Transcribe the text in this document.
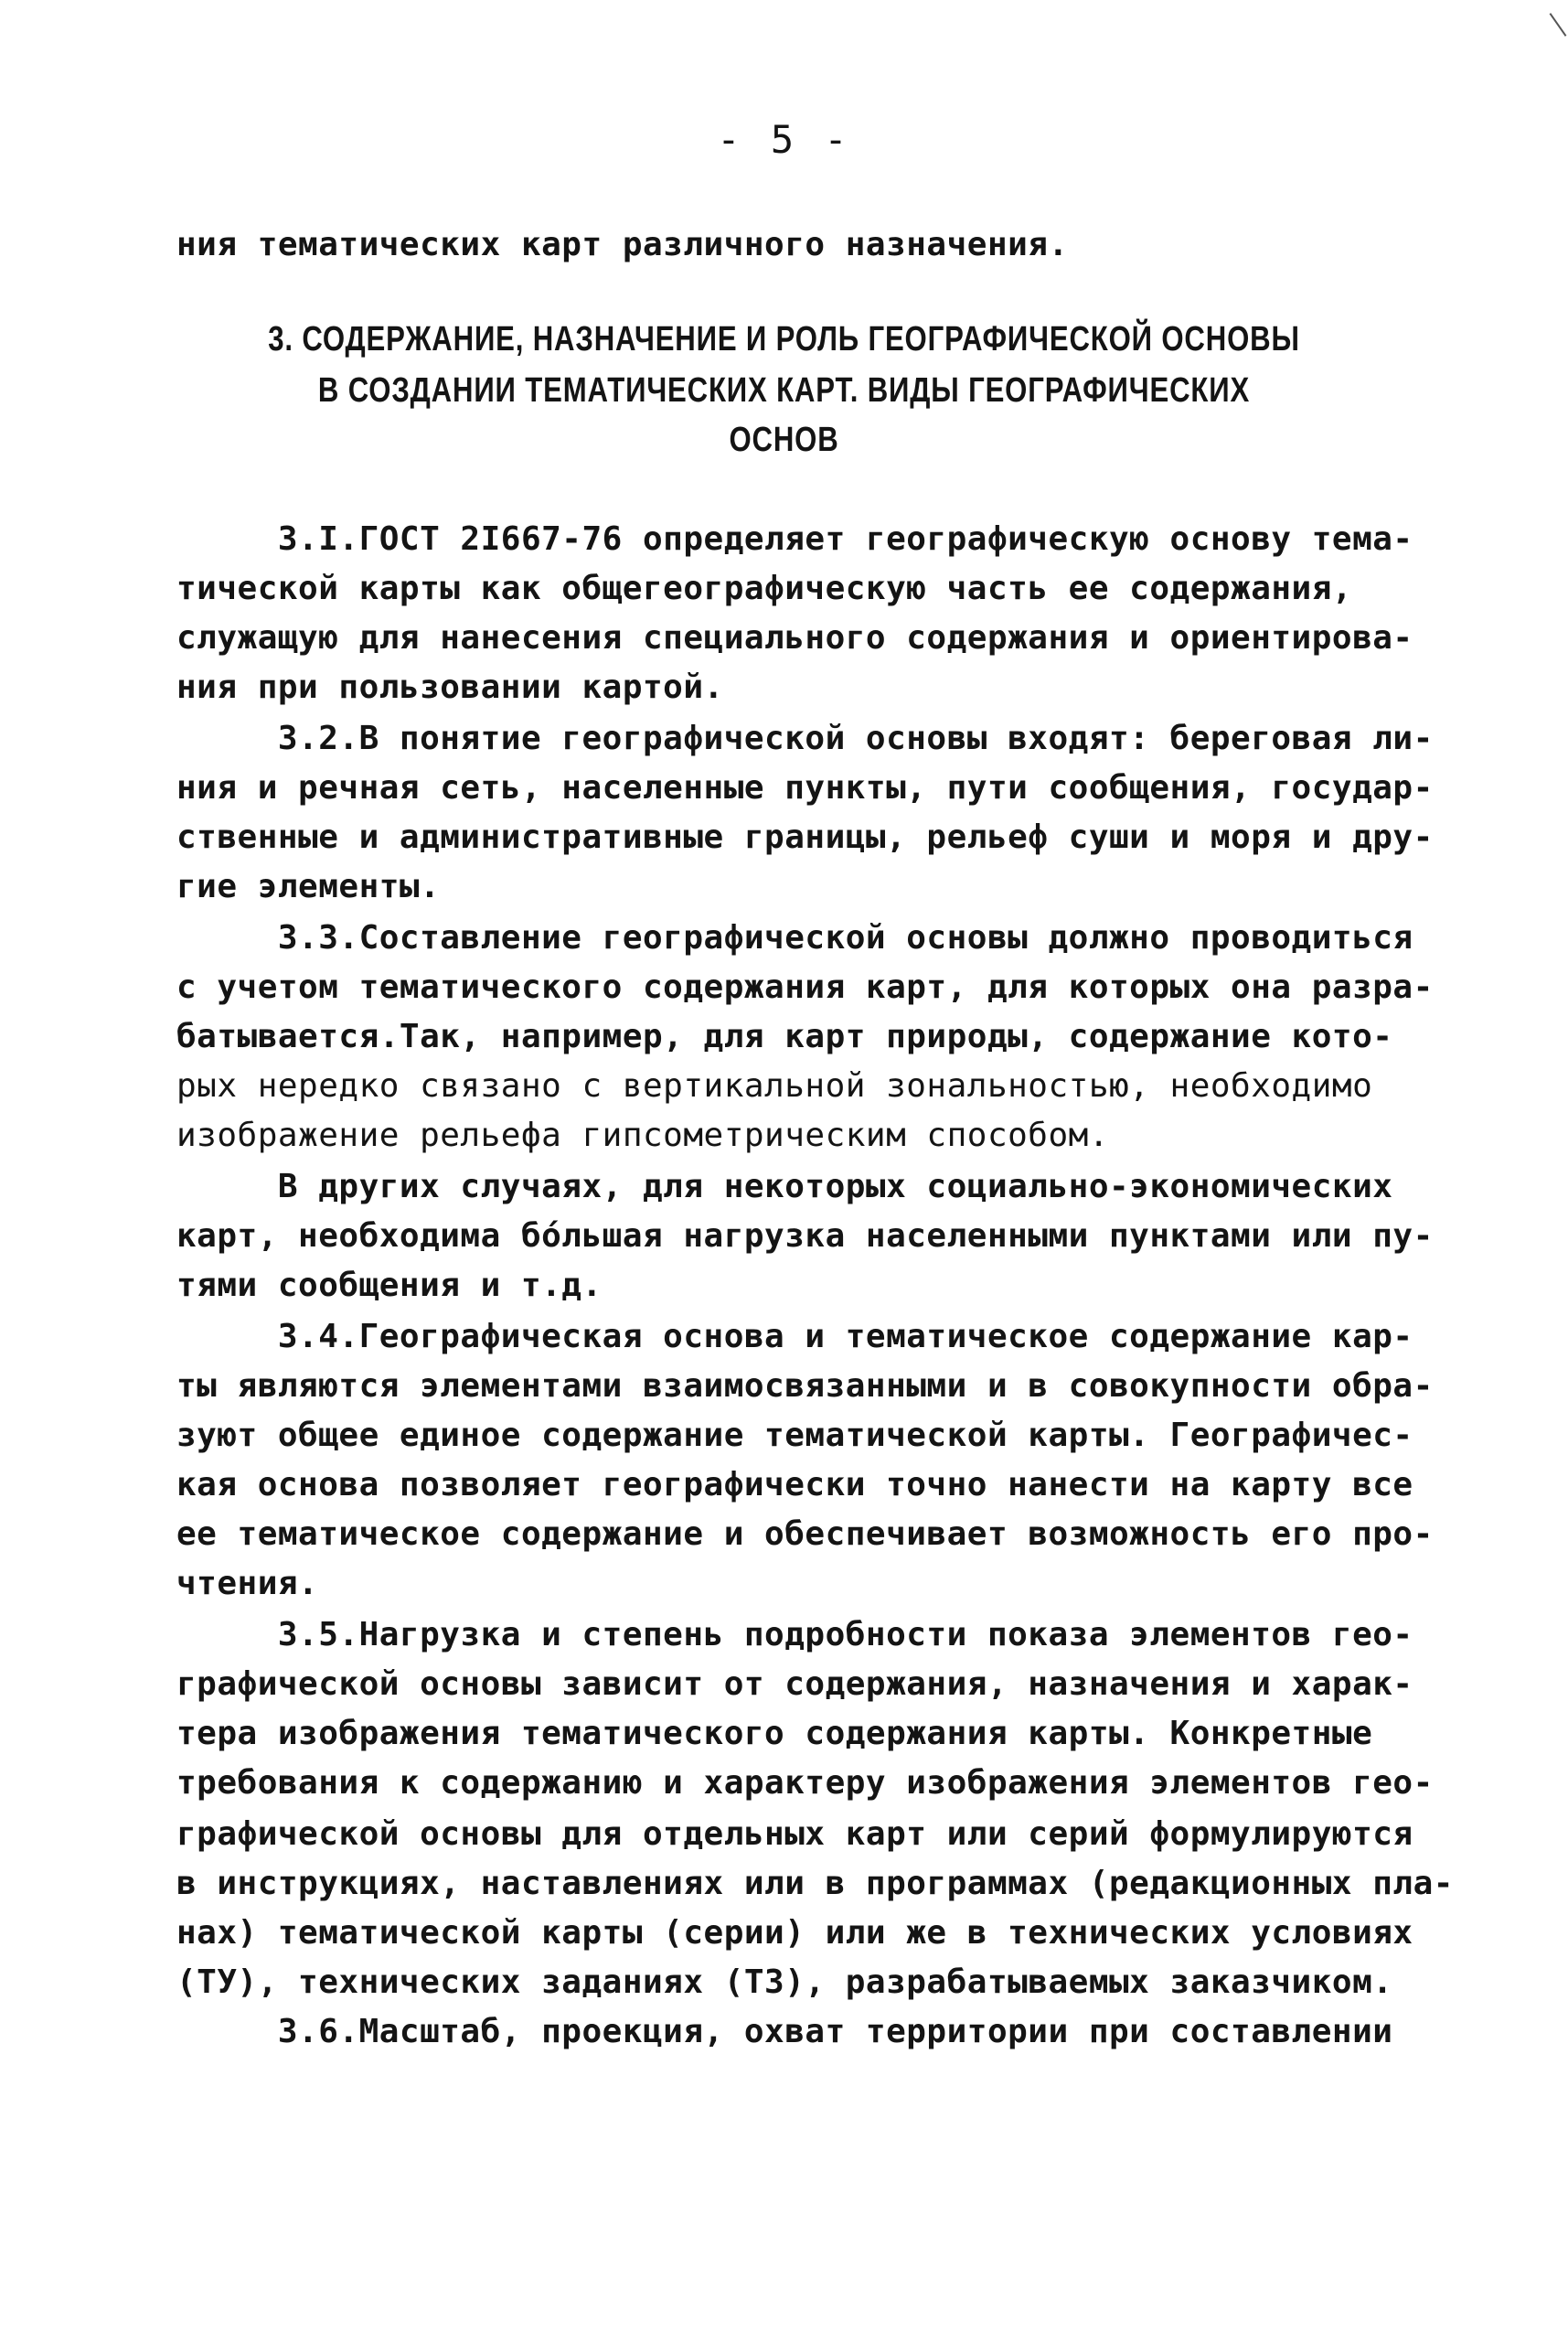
- 5 -
ния тематических карт различного назначения.
3. СОДЕРЖАНИЕ, НАЗНАЧЕНИЕ И РОЛЬ ГЕОГРАФИЧЕСКОЙ ОСНОВЫ
В СОЗДАНИИ ТЕМАТИЧЕСКИХ КАРТ. ВИДЫ ГЕОГРАФИЧЕСКИХ
ОСНОВ
3.I.ГОСТ 2I667-76 определяет географическую основу тема-
тической карты как общегеографическую часть ее содержания,
служащую для нанесения специального содержания и ориентирова-
ния при пользовании картой.
3.2.В понятие географической основы входят: береговая ли-
ния и речная сеть, населенные пункты, пути сообщения, государ-
ственные и административные границы, рельеф суши и моря и дру-
гие элементы.
3.3.Составление географической основы должно проводиться
с учетом тематического содержания карт, для которых она разра-
батывается.Так, например, для карт природы, содержание кото-
рых нередко связано с вертикальной зональностью, необходимо
изображение рельефа гипсометрическим способом.
В других случаях, для некоторых социально-экономических
карт, необходима бóльшая нагрузка населенными пунктами или пу-
тями сообщения и т.д.
3.4.Географическая основа и тематическое содержание кар-
ты являются элементами взаимосвязанными и в совокупности обра-
зуют общее единое содержание тематической карты. Географичес-
кая основа позволяет географически точно нанести на карту все
ее тематическое содержание и обеспечивает возможность его про-
чтения.
3.5.Нагрузка и степень подробности показа элементов гео-
графической основы зависит от содержания, назначения и харак-
тера изображения тематического содержания карты. Конкретные
требования к содержанию и характеру изображения элементов гео-
графической основы для отдельных карт или серий формулируются
в инструкциях, наставлениях или в программах (редакционных пла-
нах) тематической карты (серии) или же в технических условиях
(ТУ), технических заданиях (ТЗ), разрабатываемых заказчиком.
3.6.Масштаб, проекция, охват территории при составлении
